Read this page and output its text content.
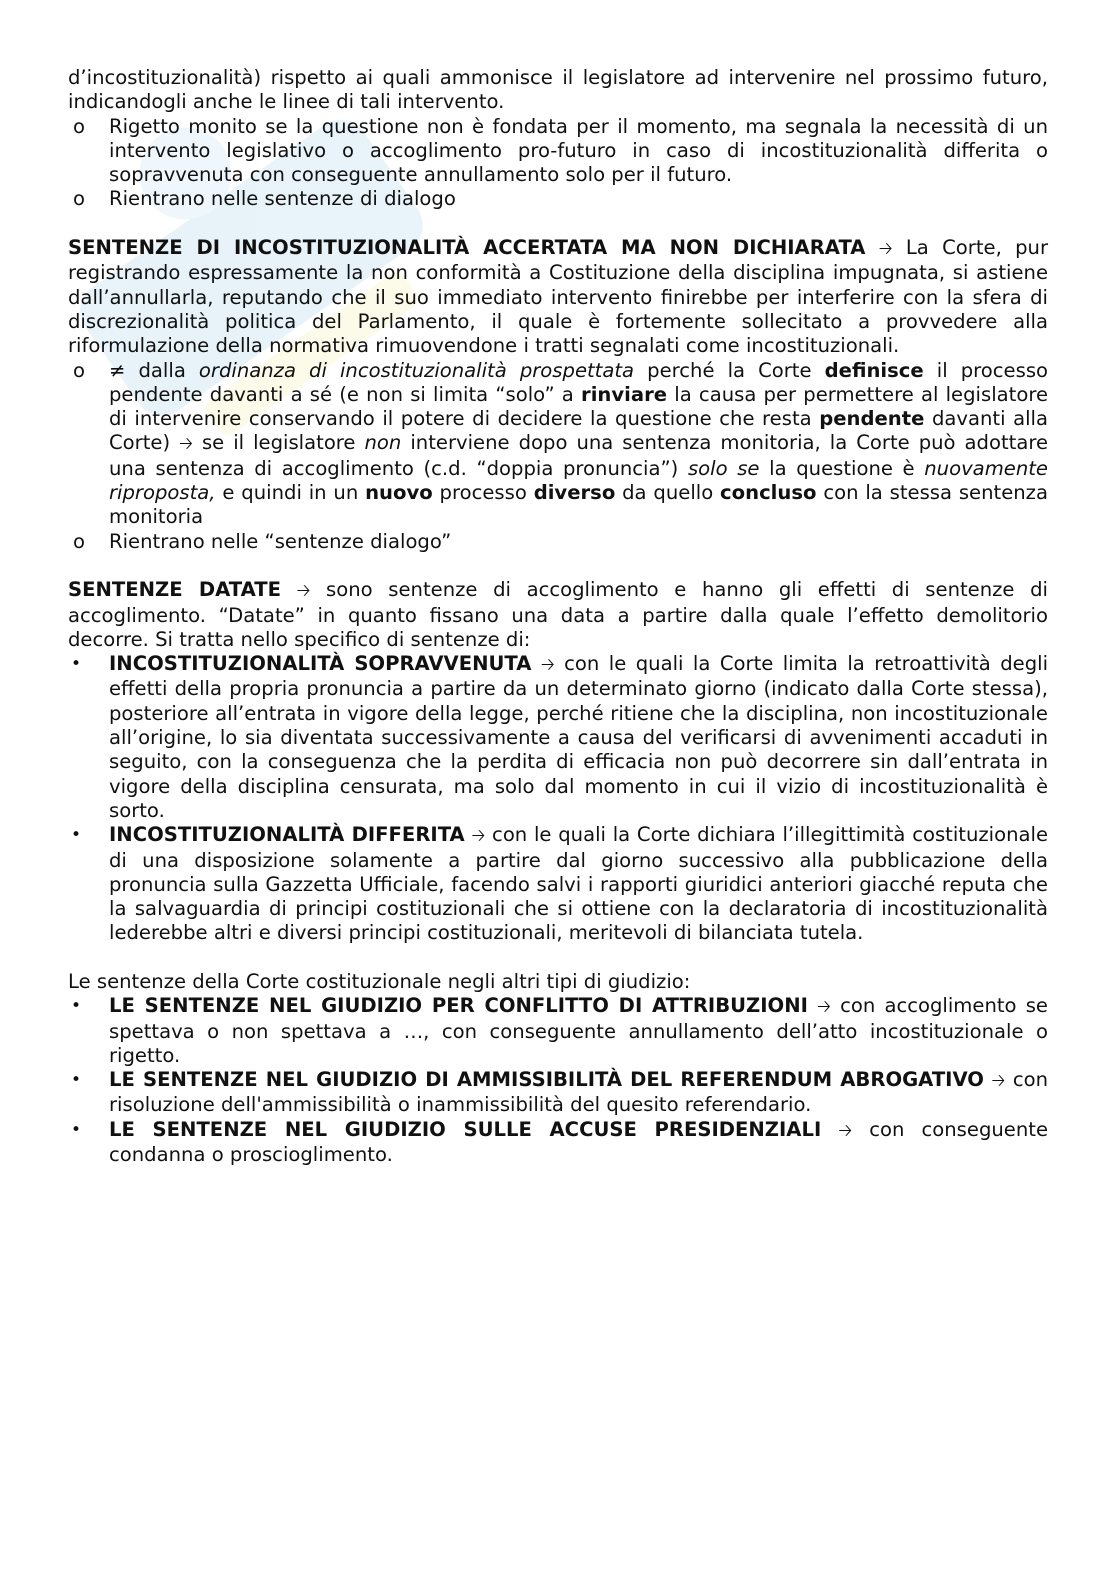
d’incostituzionalità) rispetto ai quali ammonisce il legislatore ad intervenire nel prossimo futuro, indicandogli anche le linee di tali intervento.

o Rigetto monito se la questione non è fondata per il momento, ma segnala la necessità di un intervento legislativo o accoglimento pro-futuro in caso di incostituzionalità differita o sopravvenuta con conseguente annullamento solo per il futuro.
o Rientrano nelle sentenze di dialogo

SENTENZE DI INCOSTITUZIONALITÀ ACCERTATA MA NON DICHIARATA 🡢 La Corte, pur registrando espressamente la non conformità a Costituzione della disciplina impugnata, si astiene dall’annullarla, reputando che il suo immediato intervento finirebbe per interferire con la sfera di discrezionalità politica del Parlamento, il quale è fortemente sollecitato a provvedere alla riformulazione della normativa rimuovendone i tratti segnalati come incostituzionali.

o ≠ dalla ordinanza di incostituzionalità prospettata perché la Corte definisce il processo pendente davanti a sé (e non si limita “solo” a rinviare la causa per permettere al legislatore di intervenire conservando il potere di decidere la questione che resta pendente davanti alla Corte) 🡢 se il legislatore non interviene dopo una sentenza monitoria, la Corte può adottare una sentenza di accoglimento (c.d. “doppia pronuncia”) solo se la questione è nuovamente riproposta, e quindi in un nuovo processo diverso da quello concluso con la stessa sentenza monitoria
o Rientrano nelle “sentenze dialogo”

SENTENZE DATATE 🡢 sono sentenze di accoglimento e hanno gli effetti di sentenze di accoglimento. “Datate” in quanto fissano una data a partire dalla quale l’effetto demolitorio decorre. Si tratta nello specifico di sentenze di:

• INCOSTITUZIONALITÀ SOPRAVVENUTA 🡢 con le quali la Corte limita la retroattività degli effetti della propria pronuncia a partire da un determinato giorno (indicato dalla Corte stessa), posteriore all’entrata in vigore della legge, perché ritiene che la disciplina, non incostituzionale all’origine, lo sia diventata successivamente a causa del verificarsi di avvenimenti accaduti in seguito, con la conseguenza che la perdita di efficacia non può decorrere sin dall’entrata in vigore della disciplina censurata, ma solo dal momento in cui il vizio di incostituzionalità è sorto.
• INCOSTITUZIONALITÀ DIFFERITA 🡢 con le quali la Corte dichiara l’illegittimità costituzionale di una disposizione solamente a partire dal giorno successivo alla pubblicazione della pronuncia sulla Gazzetta Ufficiale, facendo salvi i rapporti giuridici anteriori giacché reputa che la salvaguardia di principi costituzionali che si ottiene con la declaratoria di incostituzionalità lederebbe altri e diversi principi costituzionali, meritevoli di bilanciata tutela.

Le sentenze della Corte costituzionale negli altri tipi di giudizio:

• LE SENTENZE NEL GIUDIZIO PER CONFLITTO DI ATTRIBUZIONI 🡢 con accoglimento se spettava o non spettava a …, con conseguente annullamento dell’atto incostituzionale o rigetto.
• LE SENTENZE NEL GIUDIZIO DI AMMISSIBILITÀ DEL REFERENDUM ABROGATIVO 🡢 con risoluzione dell'ammissibilità o inammissibilità del quesito referendario.
• LE SENTENZE NEL GIUDIZIO SULLE ACCUSE PRESIDENZIALI 🡢 con conseguente condanna o proscioglimento.
